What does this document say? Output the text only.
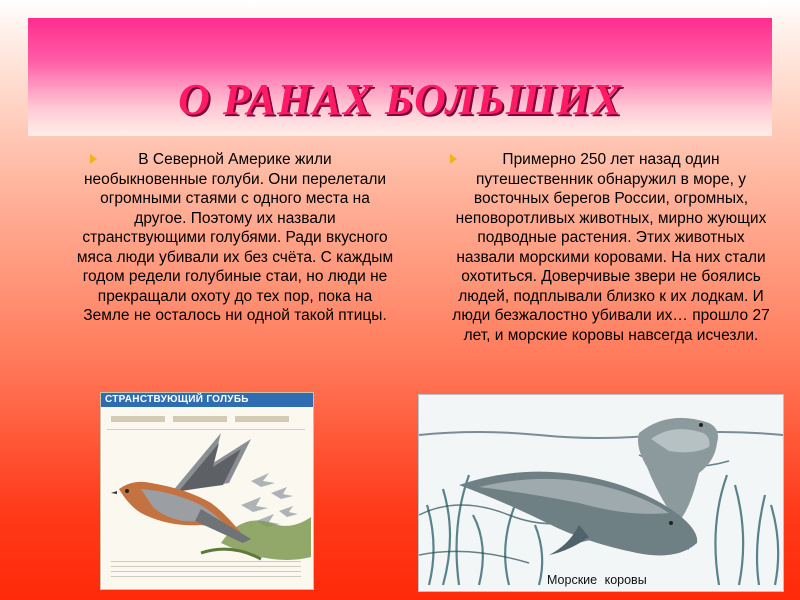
О РАНАХ БОЛЬШИХ
В Северной Америке жили необыкновенные голуби. Они перелетали огромными стаями с одного места на другое. Поэтому их назвали странствующими голубями. Ради вкусного мяса люди убивали их без счёта. С каждым годом редели голубиные стаи, но люди не прекращали охоту до тех пор, пока на Земле не осталось ни одной такой птицы.
Примерно 250 лет назад один путешественник обнаружил в море, у восточных берегов России, огромных, неповоротливых животных, мирно жующих подводные растения. Этих животных назвали морскими коровами. На них стали охотиться. Доверчивые звери не боялись людей, подплывали близко к их лодкам. И люди безжалостно убивали их… прошло 27 лет, и морские коровы навсегда исчезли.
СТРАНСТВУЮЩИЙ ГОЛУБЬ
Морские коровы
